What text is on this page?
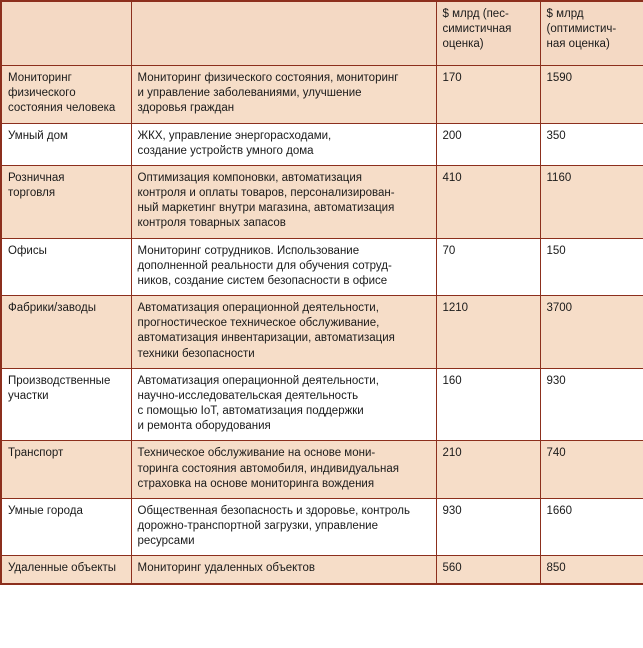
		$ млрд (пес-
симистичная
оценка)	$ млрд
(оптимистич-
ная оценка)

Мониторинг
физического
состояния человека	Мониторинг физического состояния, мониторинг
и управление заболеваниями, улучшение
здоровья граждан	170	1590

Умный дом	ЖКХ, управление энергорасходами,
создание устройств умного дома	200	350

Розничная
торговля	Оптимизация компоновки, автоматизация
контроля и оплаты товаров, персонализирован-
ный маркетинг внутри магазина, автоматизация
контроля товарных запасов	410	1160

Офисы	Мониторинг сотрудников. Использование
дополненной реальности для обучения сотруд-
ников, создание систем безопасности в офисе	70	150

Фабрики/заводы	Автоматизация операционной деятельности,
прогностическое техническое обслуживание,
автоматизация инвентаризации, автоматизация
техники безопасности	1210	3700

Производственные
участки	Автоматизация операционной деятельности,
научно-исследовательская деятельность
с помощью IoT, автоматизация поддержки
и ремонта оборудования	160	930

Транспорт	Техническое обслуживание на основе мони-
торинга состояния автомобиля, индивидуальная
страховка на основе мониторинга вождения	210	740

Умные города	Общественная безопасность и здоровье, контроль
дорожно-транспортной загрузки, управление
ресурсами	930	1660

Удаленные объекты	Мониторинг удаленных объектов	560	850
